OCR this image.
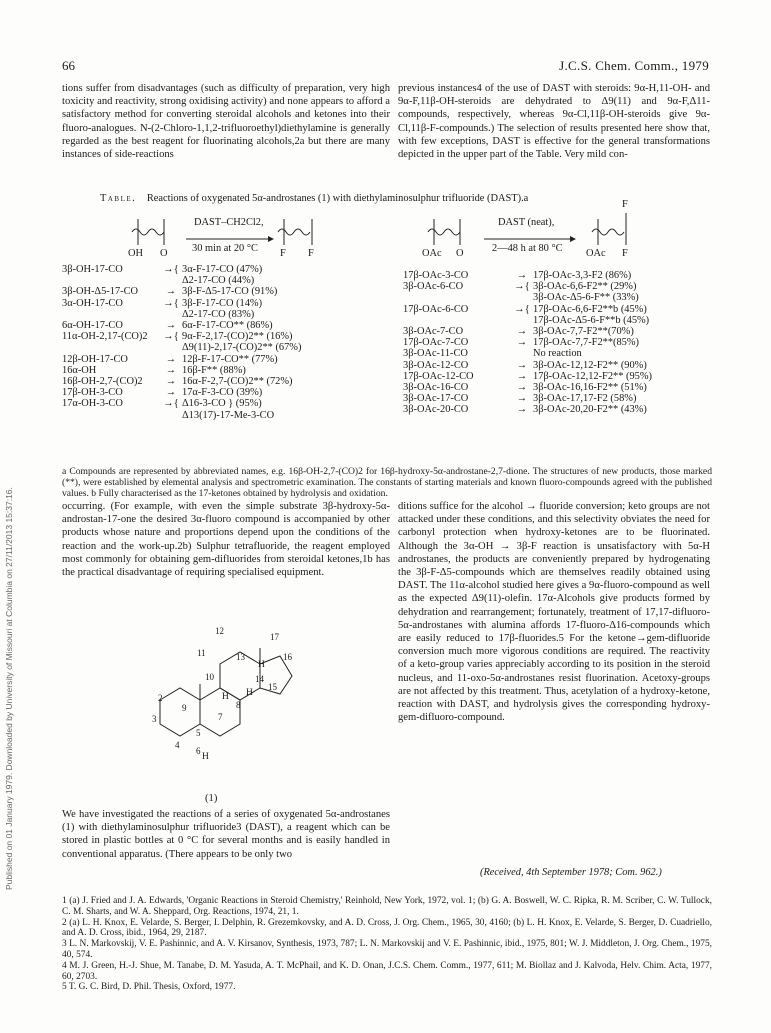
66	J.C.S. Chem. Comm., 1979
Published on 01 January 1979. Downloaded by University of Missouri at Columbia on 27/11/2013 15:37:16.

tions suffer from disadvantages (such as difficulty of preparation, very high toxicity and reactivity, strong oxidising activity) and none appears to afford a satisfactory method for converting steroidal alcohols and ketones into their fluoro-analogues. N-(2-Chloro-1,1,2-trifluoroethyl)diethylamine is generally regarded as the best reagent for fluorinating alcohols,2a but there are many instances of side-reactions

previous instances4 of the use of DAST with steroids: 9α-H,11-OH- and 9α-F,11β-OH-steroids are dehydrated to Δ9(11) and 9α-F,Δ11-compounds, respectively, whereas 9α-Cl,11β-OH-steroids give 9α-Cl,11β-F-compounds.) The selection of results presented here show that, with few exceptions, DAST is effective for the general transformations depicted in the upper part of the Table. Very mild con-

Table. Reactions of oxygenated 5α-androstanes (1) with diethylaminosulphur trifluoride (DAST).a
DAST–CH2Cl2,
30 min at 20 °C
OH O	F F
DAST (neat),
2—48 h at 80 °C
OAc O	OAc F
F
3β-OH-17-CO	→{ 3α-F-17-CO (47%)
Δ2-17-CO (44%)
3β-OH-Δ5-17-CO	→ 3β-F-Δ5-17-CO (91%)
3α-OH-17-CO	→{ 3β-F-17-CO (14%)
Δ2-17-CO (83%)
6α-OH-17-CO	→ 6α-F-17-CO** (86%)
11α-OH-2,17-(CO)2	→{ 9α-F-2,17-(CO)2** (16%)
Δ9(11)-2,17-(CO)2** (67%)
12β-OH-17-CO	→ 12β-F-17-CO** (77%)
16α-OH	→ 16β-F** (88%)
16β-OH-2,7-(CO)2	→ 16α-F-2,7-(CO)2** (72%)
17β-OH-3-CO	→ 17α-F-3-CO (39%)
17α-OH-3-CO	→{ Δ16-3-CO } (95%)
Δ13(17)-17-Me-3-CO
17β-OAc-3-CO	→ 17β-OAc-3,3-F2 (86%)
3β-OAc-6-CO	→{ 3β-OAc-6,6-F2** (29%)
3β-OAc-Δ5-6-F** (33%)
17β-OAc-6-CO	→{ 17β-OAc-6,6-F2**b (45%)
17β-OAc-Δ5-6-F**b (45%)
3β-OAc-7-CO	→ 3β-OAc-7,7-F2**(70%)
17β-OAc-7-CO	→ 17β-OAc-7,7-F2**(85%)
3β-OAc-11-CO	No reaction
3β-OAc-12-CO	→ 3β-OAc-12,12-F2** (90%)
17β-OAc-12-CO	→ 17β-OAc-12,12-F2** (95%)
3β-OAc-16-CO	→ 3β-OAc-16,16-F2** (51%)
3β-OAc-17-CO	→ 3β-OAc-17,17-F2 (58%)
3β-OAc-20-CO	→ 3β-OAc-20,20-F2** (43%)
a Compounds are represented by abbreviated names, e.g. 16β-OH-2,7-(CO)2 for 16β-hydroxy-5α-androstane-2,7-dione. The structures of new products, those marked (**), were established by elemental analysis and spectrometric examination. The constants of starting materials and known fluoro-compounds agreed with the published values. b Fully characterised as the 17-ketones obtained by hydrolysis and oxidation.

occurring. (For example, with even the simple substrate 3β-hydroxy-5α-androstan-17-one the desired 3α-fluoro compound is accompanied by other products whose nature and proportions depend upon the conditions of the reaction and the work-up.2b) Sulphur tetrafluoride, the reagent employed most commonly for obtaining gem-difluorides from steroidal ketones,1b has the practical disadvantage of requiring specialised equipment.

2
3
4
5
6
7
8
9
10
11
12
13
14
15
16
17
H H
H
H
(1)

We have investigated the reactions of a series of oxygenated 5α-androstanes (1) with diethylaminosulphur trifluoride3 (DAST), a reagent which can be stored in plastic bottles at 0 °C for several months and is easily handled in conventional apparatus. (There appears to be only two

ditions suffice for the alcohol → fluoride conversion; keto groups are not attacked under these conditions, and this selectivity obviates the need for carbonyl protection when hydroxy-ketones are to be fluorinated. Although the 3α-OH → 3β-F reaction is unsatisfactory with 5α-H androstanes, the products are conveniently prepared by hydrogenating the 3β-F-Δ5-compounds which are themselves readily obtained using DAST. The 11α-alcohol studied here gives a 9α-fluoro-compound as well as the expected Δ9(11)-olefin. 17α-Alcohols give products formed by dehydration and rearrangement; fortunately, treatment of 17,17-difluoro-5α-androstanes with alumina affords 17-fluoro-Δ16-compounds which are easily reduced to 17β-fluorides.5 For the ketone→gem-difluoride conversion much more vigorous conditions are required. The reactivity of a keto-group varies appreciably according to its position in the steroid nucleus, and 11-oxo-5α-androstanes resist fluorination. Acetoxy-groups are not affected by this treatment. Thus, acetylation of a hydroxy-ketone, reaction with DAST, and hydrolysis gives the corresponding hydroxy-gem-difluoro-compound.

(Received, 4th September 1978; Com. 962.)

1 (a) J. Fried and J. A. Edwards, 'Organic Reactions in Steroid Chemistry,' Reinhold, New York, 1972, vol. 1; (b) G. A. Boswell, W. C. Ripka, R. M. Scriber, C. W. Tullock, C. M. Sharts, and W. A. Sheppard, Org. Reactions, 1974, 21, 1.

2 (a) L. H. Knox, E. Velarde, S. Berger, I. Delphin, R. Grezemkovsky, and A. D. Cross, J. Org. Chem., 1965, 30, 4160; (b) L. H. Knox, E. Velarde, S. Berger, D. Cuadriello, and A. D. Cross, ibid., 1964, 29, 2187.

3 L. N. Markovskij, V. E. Pashinnic, and A. V. Kirsanov, Synthesis, 1973, 787; L. N. Markovskij and V. E. Pashinnic, ibid., 1975, 801; W. J. Middleton, J. Org. Chem., 1975, 40, 574.

4 M. J. Green, H.-J. Shue, M. Tanabe, D. M. Yasuda, A. T. McPhail, and K. D. Onan, J.C.S. Chem. Comm., 1977, 611; M. Biollaz and J. Kalvoda, Helv. Chim. Acta, 1977, 60, 2703.

5 T. G. C. Bird, D. Phil. Thesis, Oxford, 1977.
